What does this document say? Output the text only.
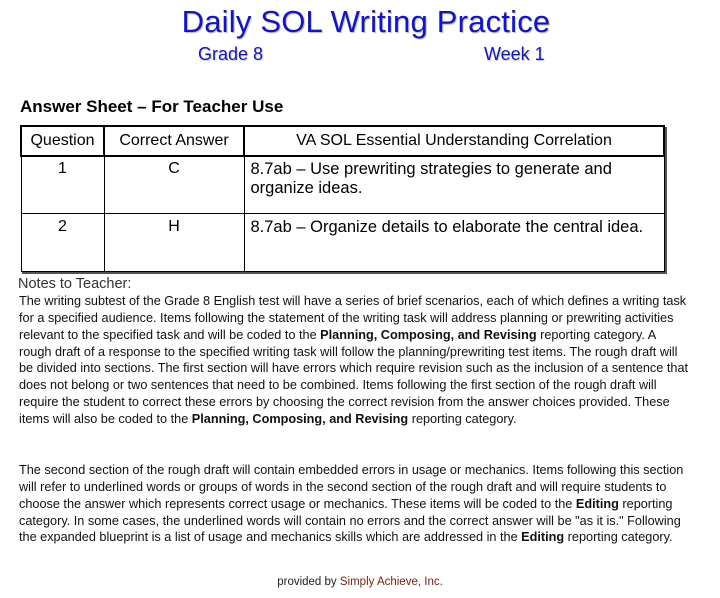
Daily SOL Writing Practice
Grade 8	Week 1
Answer Sheet – For Teacher Use
Question	Correct Answer	VA SOL Essential Understanding Correlation
1	C	8.7ab – Use prewriting strategies to generate and organize ideas.
2	H	8.7ab – Organize details to elaborate the central idea.
Notes to Teacher:

The writing subtest of the Grade 8 English test will have a series of brief scenarios, each of which defines a writing task for a specified audience. Items following the statement of the writing task will address planning or prewriting activities relevant to the specified task and will be coded to the Planning, Composing, and Revising reporting category. A rough draft of a response to the specified writing task will follow the planning/prewriting test items. The rough draft will be divided into sections. The first section will have errors which require revision such as the inclusion of a sentence that does not belong or two sentences that need to be combined. Items following the first section of the rough draft will require the student to correct these errors by choosing the correct revision from the answer choices provided. These items will also be coded to the Planning, Composing, and Revising reporting category.

The second section of the rough draft will contain embedded errors in usage or mechanics. Items following this section will refer to underlined words or groups of words in the second section of the rough draft and will require students to choose the answer which represents correct usage or mechanics. These items will be coded to the Editing reporting category. In some cases, the underlined words will contain no errors and the correct answer will be "as it is." Following the expanded blueprint is a list of usage and mechanics skills which are addressed in the Editing reporting category.

provided by Simply Achieve, Inc.
